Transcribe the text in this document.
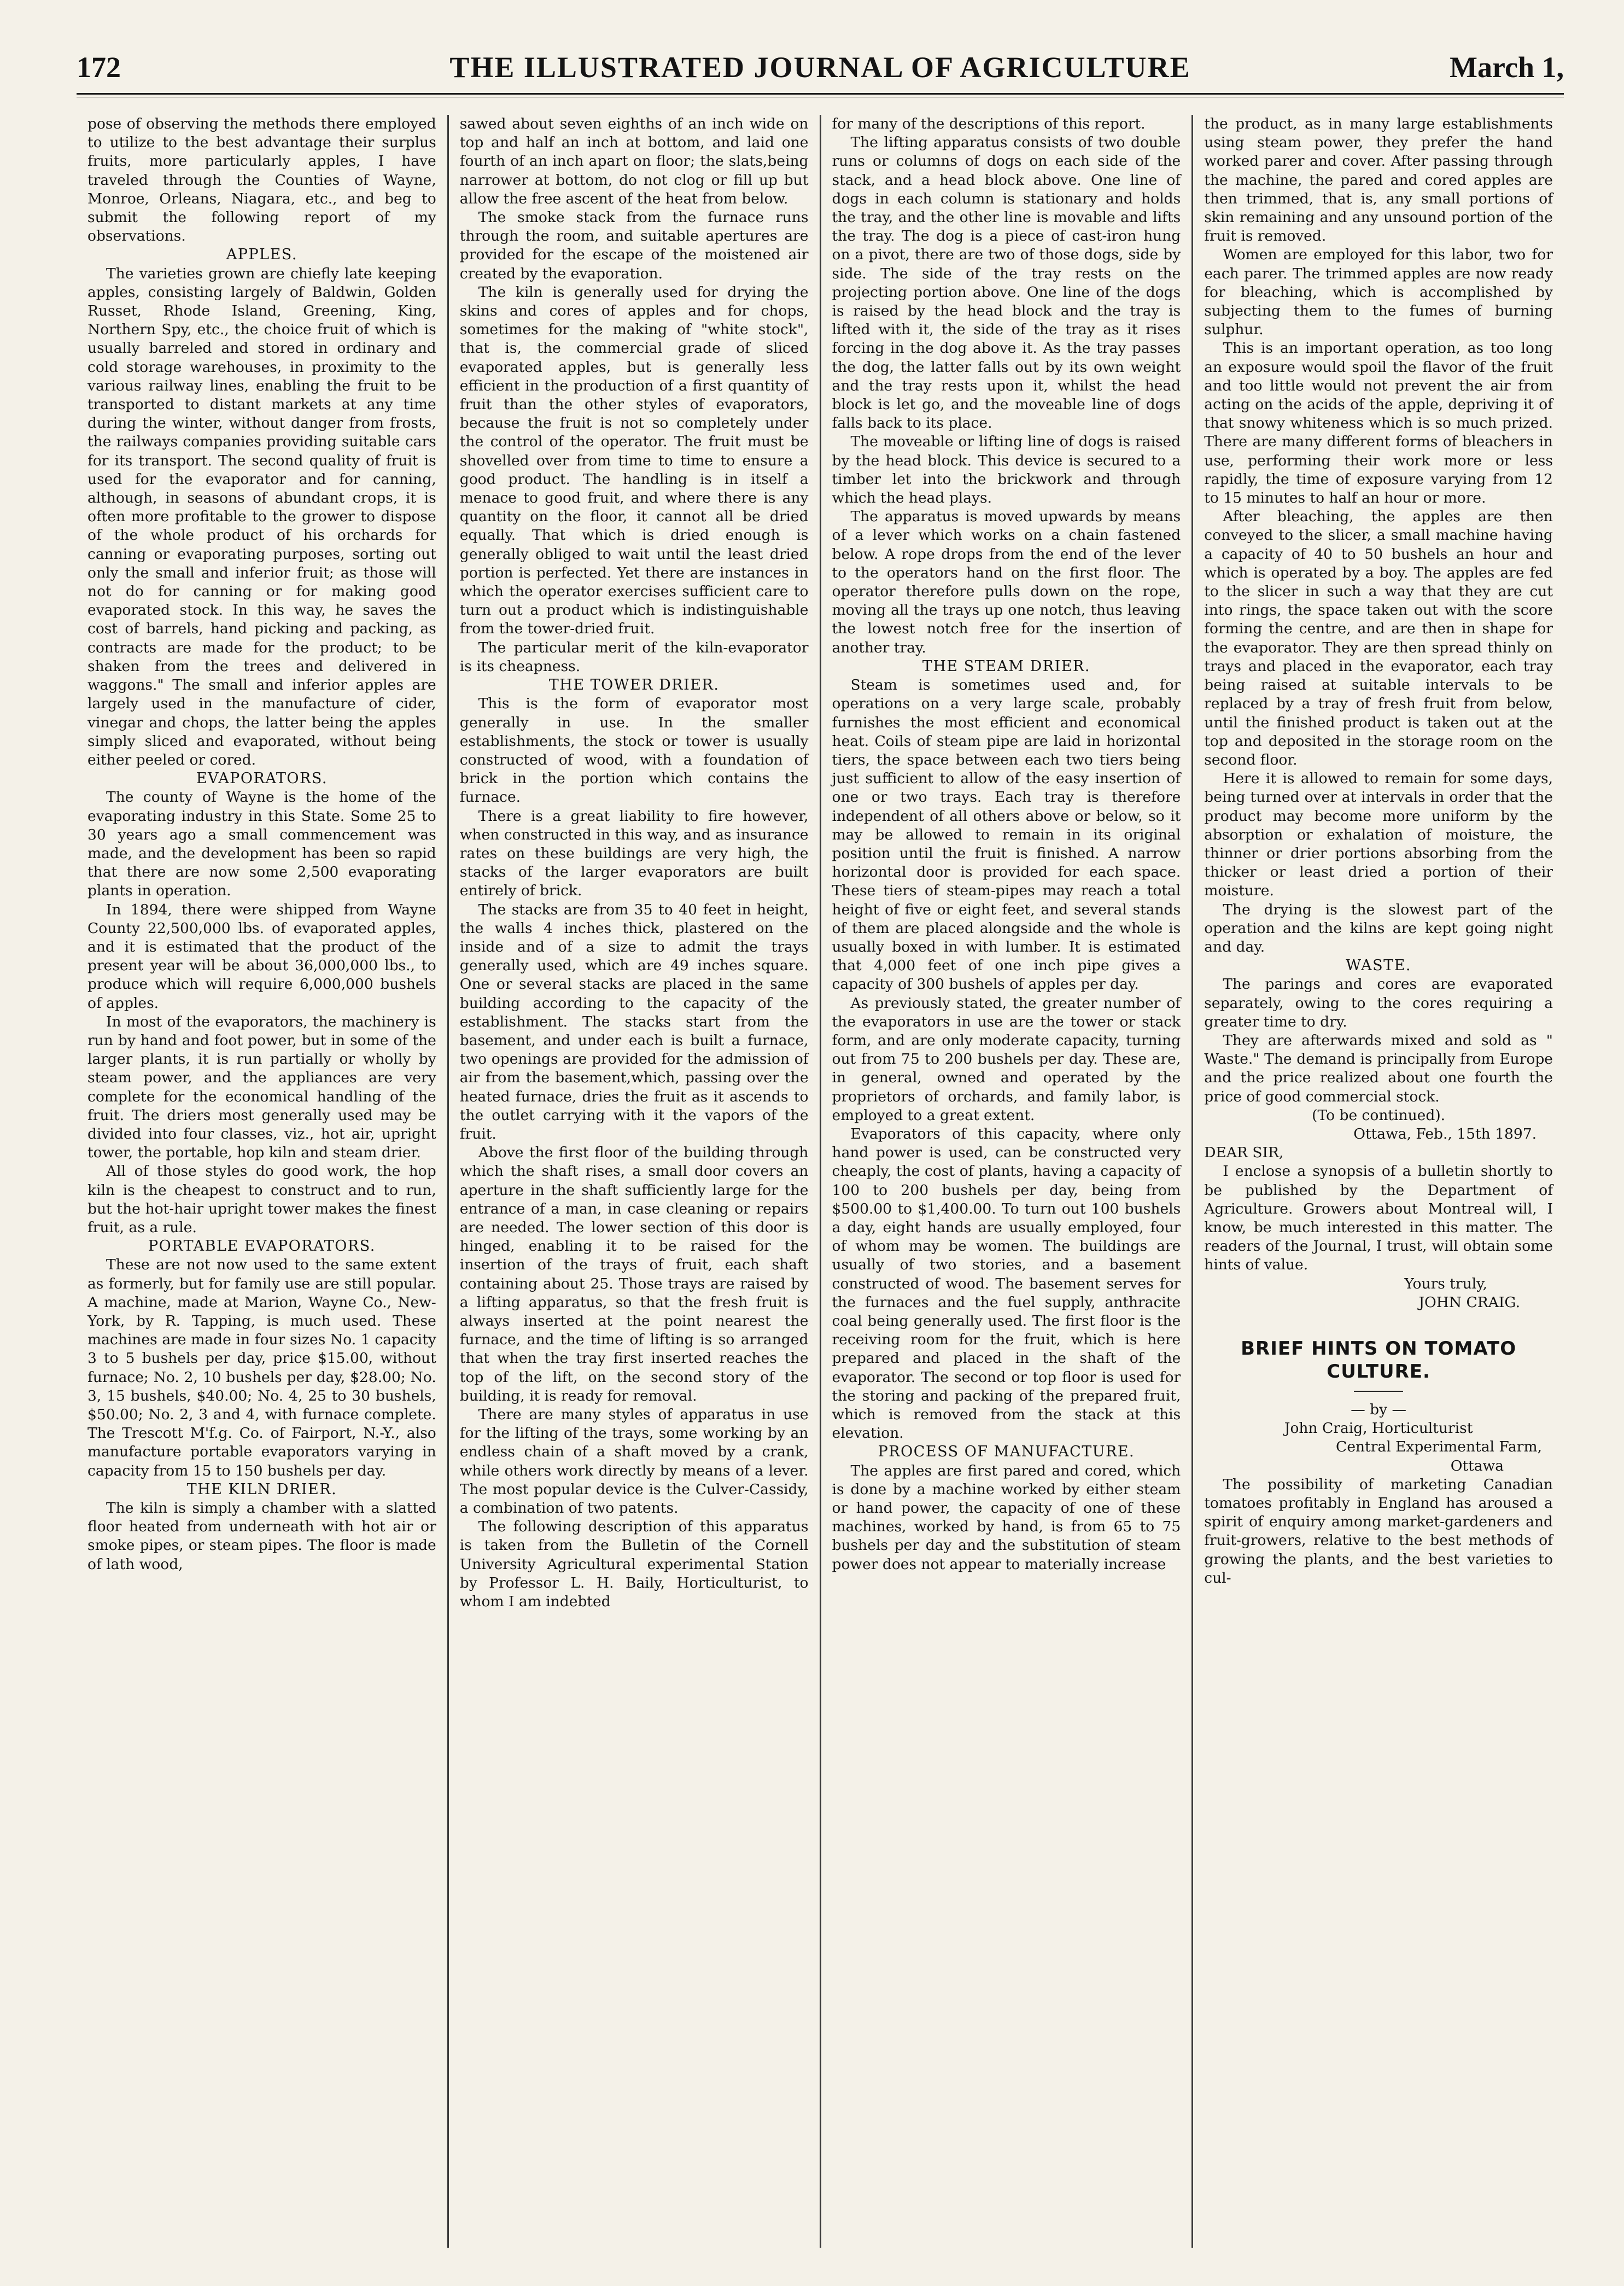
172	THE ILLUSTRATED JOURNAL OF AGRICULTURE	March 1,

pose of observing the methods there employed to utilize to the best advantage their surplus fruits, more particularly apples, I have traveled through the Counties of Wayne, Monroe, Orleans, Niagara, etc., and beg to submit the following report of my observations.

APPLES.

The varieties grown are chiefly late keeping apples, consisting largely of Baldwin, Golden Russet, Rhode Island, Greening, King, Northern Spy, etc., the choice fruit of which is usually barreled and stored in ordinary and cold storage warehouses, in proximity to the various railway lines, enabling the fruit to be transported to distant markets at any time during the winter, without danger from frosts, the railways companies providing suitable cars for its transport. The second quality of fruit is used for the evaporator and for canning, although, in seasons of abundant crops, it is often more profitable to the grower to dispose of the whole product of his orchards for canning or evaporating purposes, sorting out only the small and inferior fruit; as those will not do for canning or for making good evaporated stock. In this way, he saves the cost of barrels, hand picking and packing, as contracts are made for the product; to be shaken from the trees and delivered in waggons." The small and inferior apples are largely used in the manufacture of cider, vinegar and chops, the latter being the apples simply sliced and evaporated, without being either peeled or cored.

EVAPORATORS.

The county of Wayne is the home of the evaporating industry in this State. Some 25 to 30 years ago a small commencement was made, and the development has been so rapid that there are now some 2,500 evaporating plants in operation.

In 1894, there were shipped from Wayne County 22,500,000 lbs. of evaporated apples, and it is estimated that the product of the present year will be about 36,000,000 lbs., to produce which will require 6,000,000 bushels of apples.

In most of the evaporators, the machinery is run by hand and foot power, but in some of the larger plants, it is run partially or wholly by steam power, and the appliances are very complete for the economical handling of the fruit. The driers most generally used may be divided into four classes, viz., hot air, upright tower, the portable, hop kiln and steam drier.

All of those styles do good work, the hop kiln is the cheapest to construct and to run, but the hot-hair upright tower makes the finest fruit, as a rule.

PORTABLE EVAPORATORS.

These are not now used to the same extent as formerly, but for family use are still popular. A machine, made at Marion, Wayne Co., New-York, by R. Tapping, is much used. These machines are made in four sizes No. 1 capacity 3 to 5 bushels per day, price $15.00, without furnace; No. 2, 10 bushels per day, $28.00; No. 3, 15 bushels, $40.00; No. 4, 25 to 30 bushels, $50.00; No. 2, 3 and 4, with furnace complete. The Trescott M'f.g. Co. of Fairport, N.-Y., also manufacture portable evaporators varying in capacity from 15 to 150 bushels per day.

THE KILN DRIER.

The kiln is simply a chamber with a slatted floor heated from underneath with hot air or smoke pipes, or steam pipes. The floor is made of lath wood,

sawed about seven eighths of an inch wide on top and half an inch at bottom, and laid one fourth of an inch apart on floor; the slats,being narrower at bottom, do not clog or fill up but allow the free ascent of the heat from below.

The smoke stack from the furnace runs through the room, and suitable apertures are provided for the escape of the moistened air created by the evaporation.

The kiln is generally used for drying the skins and cores of apples and for chops, sometimes for the making of "white stock", that is, the commercial grade of sliced evaporated apples, but is generally less efficient in the production of a first quantity of fruit than the other styles of evaporators, because the fruit is not so completely under the control of the operator. The fruit must be shovelled over from time to time to ensure a good product. The handling is in itself a menace to good fruit, and where there is any quantity on the floor, it cannot all be dried equally. That which is dried enough is generally obliged to wait until the least dried portion is perfected. Yet there are instances in which the operator exercises sufficient care to turn out a product which is indistinguishable from the tower-dried fruit.

The particular merit of the kiln-evaporator is its cheapness.

THE TOWER DRIER.

This is the form of evaporator most generally in use. In the smaller establishments, the stock or tower is usually constructed of wood, with a foundation of brick in the portion which contains the furnace.

There is a great liability to fire however, when constructed in this way, and as insurance rates on these buildings are very high, the stacks of the larger evaporators are built entirely of brick.

The stacks are from 35 to 40 feet in height, the walls 4 inches thick, plastered on the inside and of a size to admit the trays generally used, which are 49 inches square. One or several stacks are placed in the same building according to the capacity of the establishment. The stacks start from the basement, and under each is built a furnace, two openings are provided for the admission of air from the basement,which, passing over the heated furnace, dries the fruit as it ascends to the outlet carrying with it the vapors of the fruit.

Above the first floor of the building through which the shaft rises, a small door covers an aperture in the shaft sufficiently large for the entrance of a man, in case cleaning or repairs are needed. The lower section of this door is hinged, enabling it to be raised for the insertion of the trays of fruit, each shaft containing about 25. Those trays are raised by a lifting apparatus, so that the fresh fruit is always inserted at the point nearest the furnace, and the time of lifting is so arranged that when the tray first inserted reaches the top of the lift, on the second story of the building, it is ready for removal.

There are many styles of apparatus in use for the lifting of the trays, some working by an endless chain of a shaft moved by a crank, while others work directly by means of a lever. The most popular device is the Culver-Cassidy, a combination of two patents.

The following description of this apparatus is taken from the Bulletin of the Cornell University Agricultural experimental Station by Professor L. H. Baily, Horticulturist, to whom I am indebted

for many of the descriptions of this report.

The lifting apparatus consists of two double runs or columns of dogs on each side of the stack, and a head block above. One line of dogs in each column is stationary and holds the tray, and the other line is movable and lifts the tray. The dog is a piece of cast-iron hung on a pivot, there are two of those dogs, side by side. The side of the tray rests on the projecting portion above. One line of the dogs is raised by the head block and the tray is lifted with it, the side of the tray as it rises forcing in the dog above it. As the tray passes the dog, the latter falls out by its own weight and the tray rests upon it, whilst the head block is let go, and the moveable line of dogs falls back to its place.

The moveable or lifting line of dogs is raised by the head block. This device is secured to a timber let into the brickwork and through which the head plays.

The apparatus is moved upwards by means of a lever which works on a chain fastened below. A rope drops from the end of the lever to the operators hand on the first floor. The operator therefore pulls down on the rope, moving all the trays up one notch, thus leaving the lowest notch free for the insertion of another tray.

THE STEAM DRIER.

Steam is sometimes used and, for operations on a very large scale, probably furnishes the most efficient and economical heat. Coils of steam pipe are laid in horizontal tiers, the space between each two tiers being just sufficient to allow of the easy insertion of one or two trays. Each tray is therefore independent of all others above or below, so it may be allowed to remain in its original position until the fruit is finished. A narrow horizontal door is provided for each space. These tiers of steam-pipes may reach a total height of five or eight feet, and several stands of them are placed alongside and the whole is usually boxed in with lumber. It is estimated that 4,000 feet of one inch pipe gives a capacity of 300 bushels of apples per day.

As previously stated, the greater number of the evaporators in use are the tower or stack form, and are only moderate capacity, turning out from 75 to 200 bushels per day. These are, in general, owned and operated by the proprietors of orchards, and family labor, is employed to a great extent.

Evaporators of this capacity, where only hand power is used, can be constructed very cheaply, the cost of plants, having a capacity of 100 to 200 bushels per day, being from $500.00 to $1,400.00. To turn out 100 bushels a day, eight hands are usually employed, four of whom may be women. The buildings are usually of two stories, and a basement constructed of wood. The basement serves for the furnaces and the fuel supply, anthracite coal being generally used. The first floor is the receiving room for the fruit, which is here prepared and placed in the shaft of the evaporator. The second or top floor is used for the storing and packing of the prepared fruit, which is removed from the stack at this elevation.

PROCESS OF MANUFACTURE.

The apples are first pared and cored, which is done by a machine worked by either steam or hand power, the capacity of one of these machines, worked by hand, is from 65 to 75 bushels per day and the substitution of steam power does not appear to materially increase

the product, as in many large establishments using steam power, they prefer the hand worked parer and cover. After passing through the machine, the pared and cored apples are then trimmed, that is, any small portions of skin remaining and any unsound portion of the fruit is removed.

Women are employed for this labor, two for each parer. The trimmed apples are now ready for bleaching, which is accomplished by subjecting them to the fumes of burning sulphur.

This is an important operation, as too long an exposure would spoil the flavor of the fruit and too little would not prevent the air from acting on the acids of the apple, depriving it of that snowy whiteness which is so much prized. There are many different forms of bleachers in use, performing their work more or less rapidly, the time of exposure varying from 12 to 15 minutes to half an hour or more.

After bleaching, the apples are then conveyed to the slicer, a small machine having a capacity of 40 to 50 bushels an hour and which is operated by a boy. The apples are fed to the slicer in such a way that they are cut into rings, the space taken out with the score forming the centre, and are then in shape for the evaporator. They are then spread thinly on trays and placed in the evaporator, each tray being raised at suitable intervals to be replaced by a tray of fresh fruit from below, until the finished product is taken out at the top and deposited in the storage room on the second floor.

Here it is allowed to remain for some days, being turned over at intervals in order that the product may become more uniform by the absorption or exhalation of moisture, the thinner or drier portions absorbing from the thicker or least dried a portion of their moisture.

The drying is the slowest part of the operation and the kilns are kept going night and day.

WASTE.

The parings and cores are evaporated separately, owing to the cores requiring a greater time to dry.

They are afterwards mixed and sold as " Waste." The demand is principally from Europe and the price realized about one fourth the price of good commercial stock.

(To be continued).

Ottawa, Feb., 15th 1897.

DEAR SIR,

I enclose a synopsis of a bulletin shortly to be published by the Department of Agriculture. Growers about Montreal will, I know, be much interested in this matter. The readers of the Journal, I trust, will obtain some hints of value.

Yours truly,

JOHN CRAIG.

BRIEF HINTS ON TOMATO CULTURE.

— by —

John Craig, Horticulturist

Central Experimental Farm,

Ottawa

The possibility of marketing Canadian tomatoes profitably in England has aroused a spirit of enquiry among market-gardeners and fruit-growers, relative to the best methods of growing the plants, and the best varieties to cul-
